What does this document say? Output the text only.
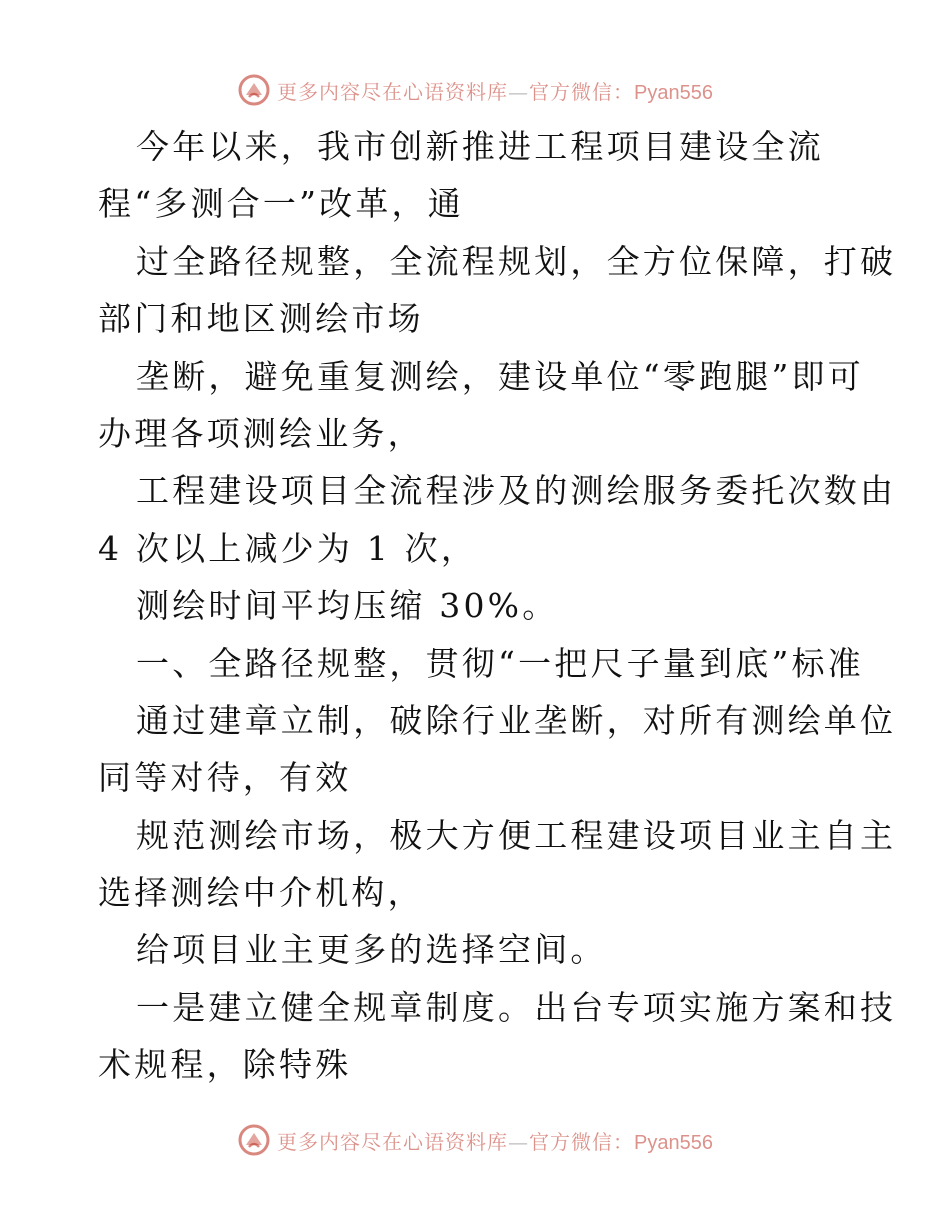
更多内容尽在心语资料库—官方微信：Pyan556
今年以来，我市创新推进工程项目建设全流
程“多测合一”改革，通
过全路径规整，全流程规划，全方位保障，打破
部门和地区测绘市场
垄断，避免重复测绘，建设单位“零跑腿”即可
办理各项测绘业务，
工程建设项目全流程涉及的测绘服务委托次数由
4 次以上减少为 1 次，
测绘时间平均压缩 30%。
一、全路径规整，贯彻“一把尺子量到底”标准
通过建章立制，破除行业垄断，对所有测绘单位
同等对待，有效
规范测绘市场，极大方便工程建设项目业主自主
选择测绘中介机构，
给项目业主更多的选择空间。
一是建立健全规章制度。出台专项实施方案和技
术规程，除特殊
更多内容尽在心语资料库—官方微信：Pyan556
